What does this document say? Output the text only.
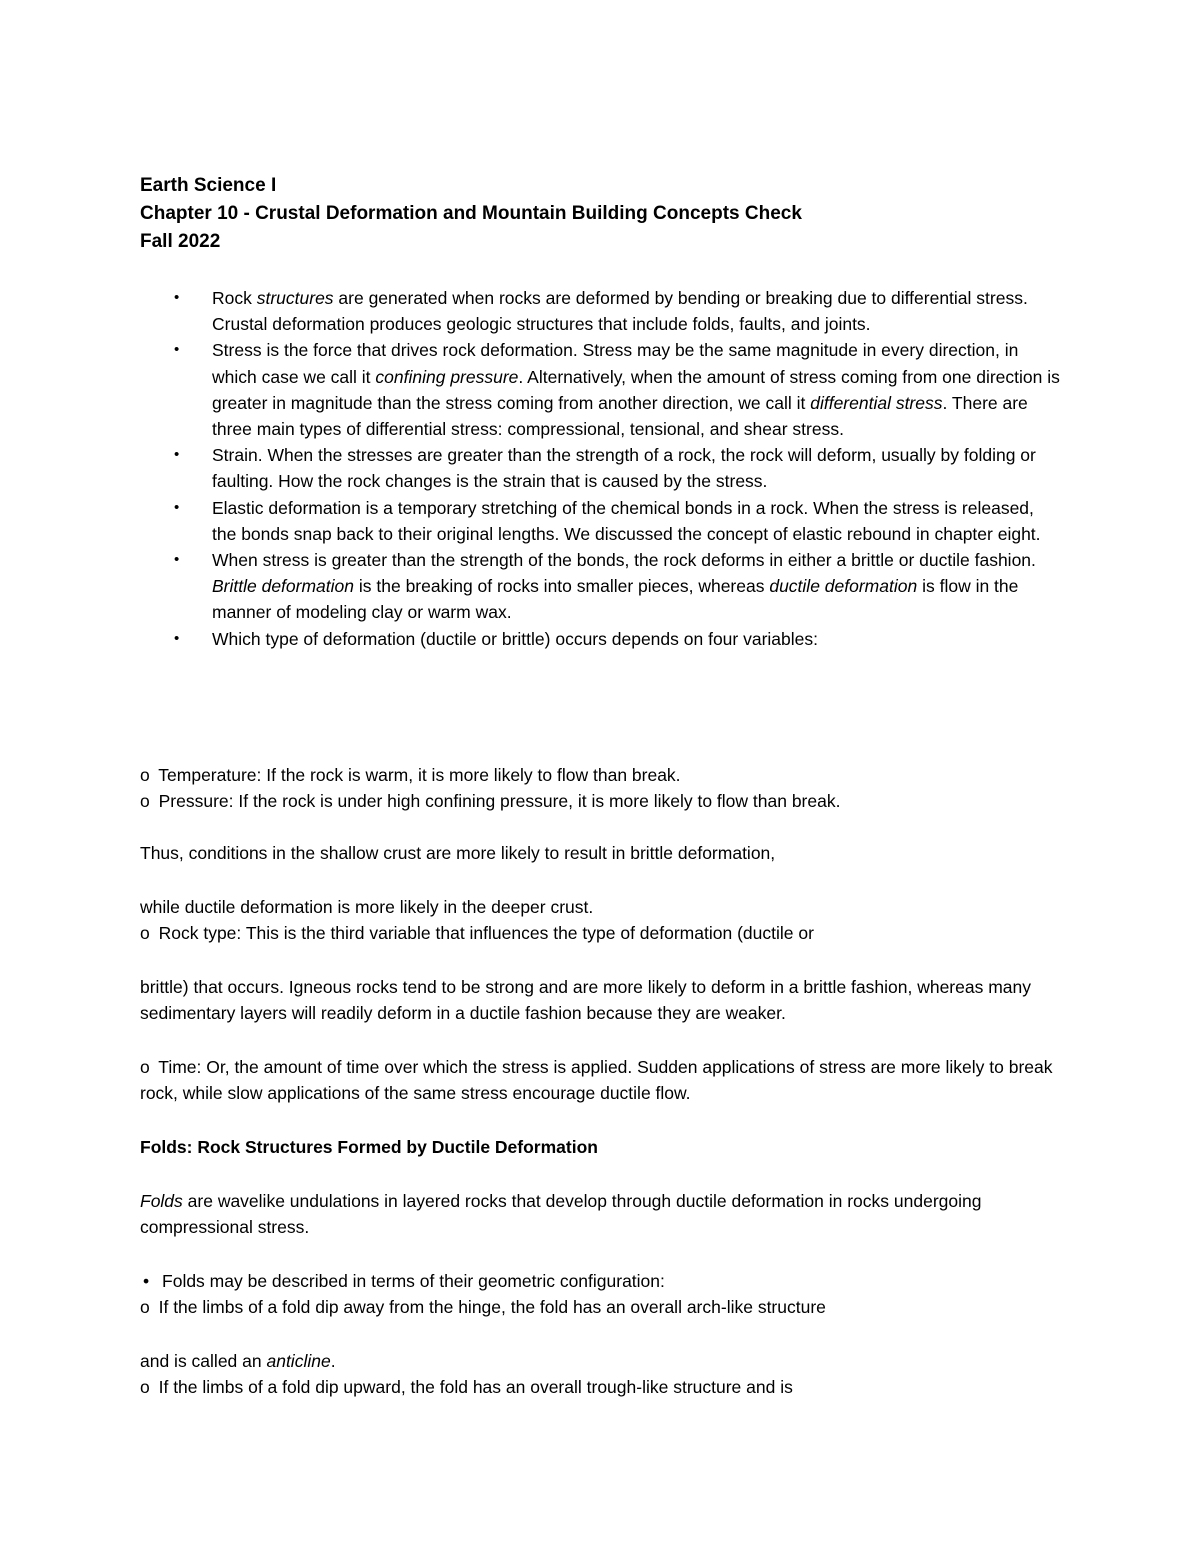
Earth Science I
Chapter 10 - Crustal Deformation and Mountain Building Concepts Check
Fall 2022
• Rock structures are generated when rocks are deformed by bending or breaking due to differential stress. Crustal deformation produces geologic structures that include folds, faults, and joints.
• Stress is the force that drives rock deformation. Stress may be the same magnitude in every direction, in which case we call it confining pressure. Alternatively, when the amount of stress coming from one direction is greater in magnitude than the stress coming from another direction, we call it differential stress. There are three main types of differential stress: compressional, tensional, and shear stress.
• Strain. When the stresses are greater than the strength of a rock, the rock will deform, usually by folding or faulting. How the rock changes is the strain that is caused by the stress.
• Elastic deformation is a temporary stretching of the chemical bonds in a rock. When the stress is released, the bonds snap back to their original lengths. We discussed the concept of elastic rebound in chapter eight.
• When stress is greater than the strength of the bonds, the rock deforms in either a brittle or ductile fashion. Brittle deformation is the breaking of rocks into smaller pieces, whereas ductile deformation is flow in the manner of modeling clay or warm wax.
• Which type of deformation (ductile or brittle) occurs depends on four variables:
o Temperature: If the rock is warm, it is more likely to flow than break.
o Pressure: If the rock is under high confining pressure, it is more likely to flow than break.
Thus, conditions in the shallow crust are more likely to result in brittle deformation,
while ductile deformation is more likely in the deeper crust.
o Rock type: This is the third variable that influences the type of deformation (ductile or
brittle) that occurs. Igneous rocks tend to be strong and are more likely to deform in a brittle fashion, whereas many sedimentary layers will readily deform in a ductile fashion because they are weaker.
o Time: Or, the amount of time over which the stress is applied. Sudden applications of stress are more likely to break rock, while slow applications of the same stress encourage ductile flow.
Folds: Rock Structures Formed by Ductile Deformation
Folds are wavelike undulations in layered rocks that develop through ductile deformation in rocks undergoing compressional stress.
• Folds may be described in terms of their geometric configuration:
o If the limbs of a fold dip away from the hinge, the fold has an overall arch-like structure
and is called an anticline.
o If the limbs of a fold dip upward, the fold has an overall trough-like structure and is
